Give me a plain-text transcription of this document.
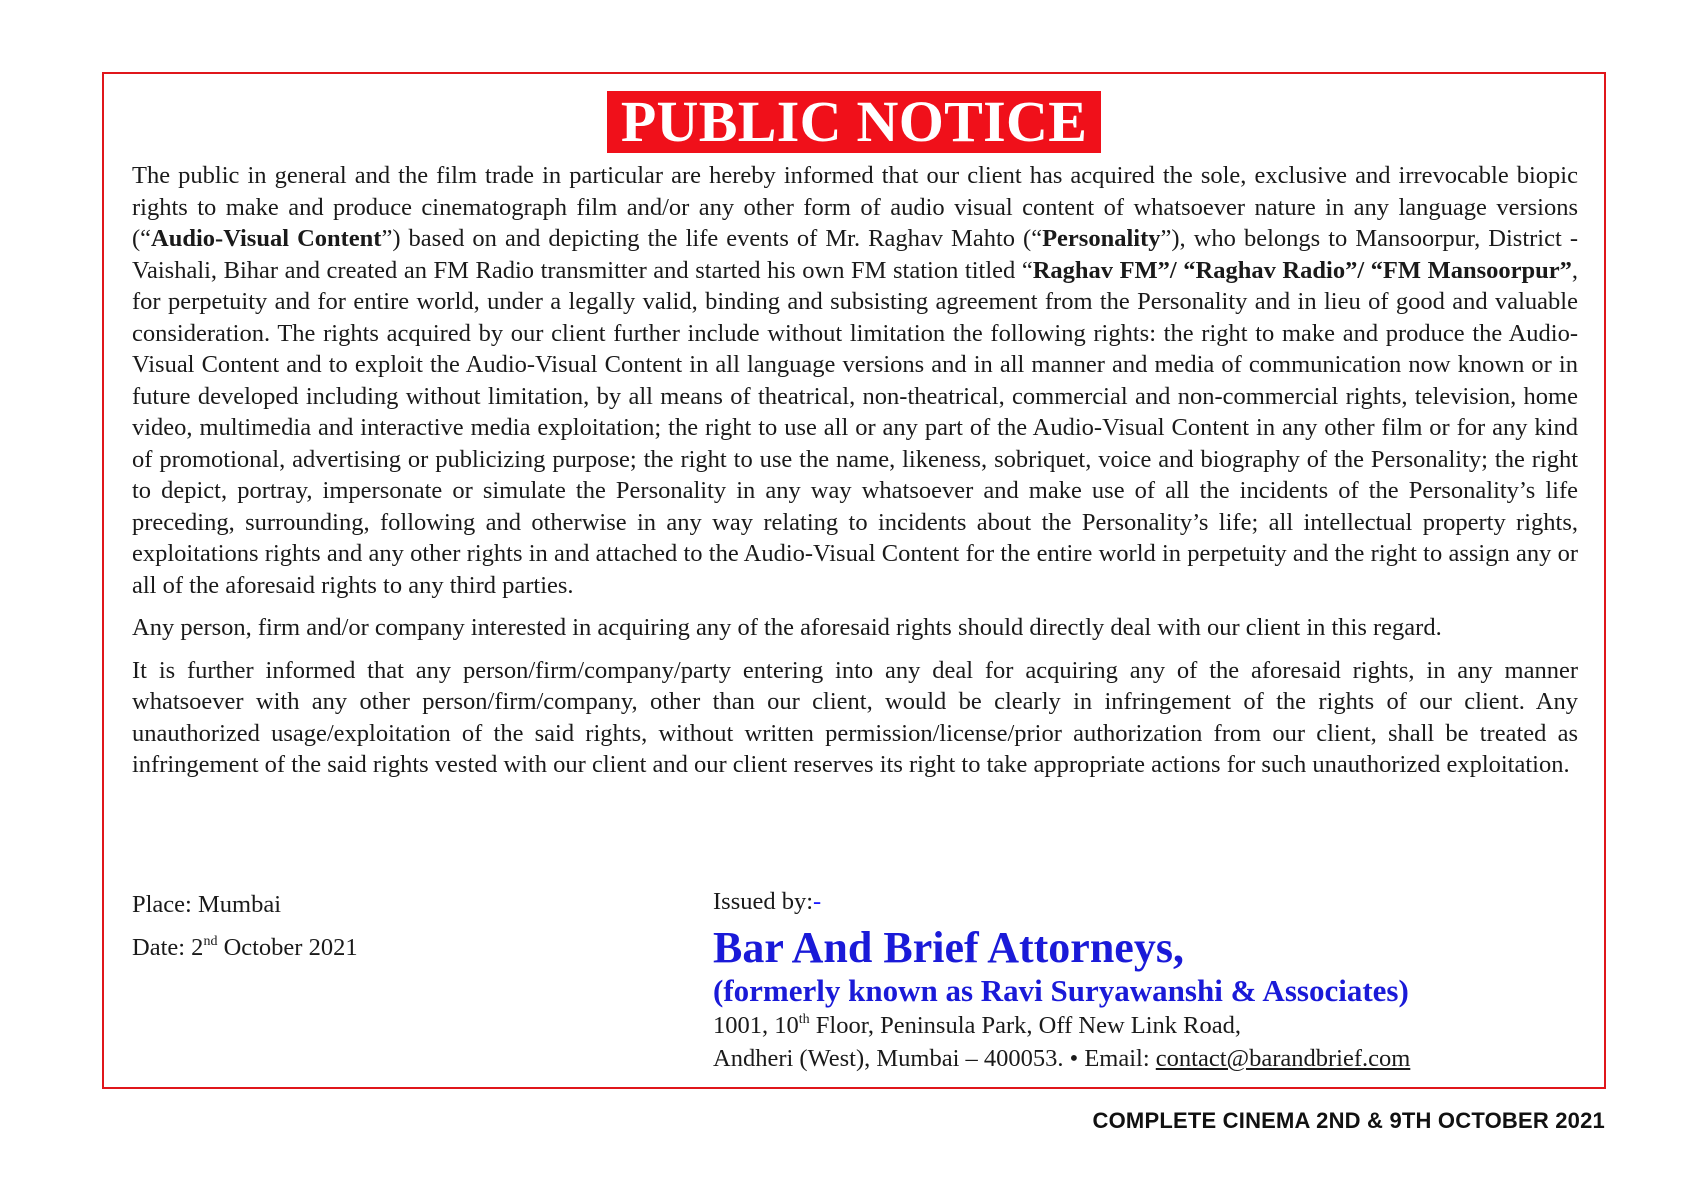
PUBLIC NOTICE

The public in general and the film trade in particular are hereby informed that our client has acquired the sole, exclusive and irrevocable biopic rights to make and produce cinematograph film and/or any other form of audio visual content of whatsoever nature in any language versions (“Audio-Visual Content”) based on and depicting the life events of Mr. Raghav Mahto (“Personality”), who belongs to Mansoorpur, District - Vaishali, Bihar and created an FM Radio transmitter and started his own FM station titled “Raghav FM”/ “Raghav Radio”/ “FM Mansoorpur”, for perpetuity and for entire world, under a legally valid, binding and subsisting agreement from the Personality and in lieu of good and valuable consideration. The rights acquired by our client further include without limitation the following rights: the right to make and produce the Audio-Visual Content and to exploit the Audio-Visual Content in all language versions and in all manner and media of communication now known or in future developed including without limitation, by all means of theatrical, non-theatrical, commercial and non-commercial rights, television, home video, multimedia and interactive media exploitation; the right to use all or any part of the Audio-Visual Content in any other film or for any kind of promotional, advertising or publicizing purpose; the right to use the name, likeness, sobriquet, voice and biography of the Personality; the right to depict, portray, impersonate or simulate the Personality in any way whatsoever and make use of all the incidents of the Personality’s life preceding, surrounding, following and otherwise in any way relating to incidents about the Personality’s life; all intellectual property rights, exploitations rights and any other rights in and attached to the Audio-Visual Content for the entire world in perpetuity and the right to assign any or all of the aforesaid rights to any third parties.

Any person, firm and/or company interested in acquiring any of the aforesaid rights should directly deal with our client in this regard.

It is further informed that any person/firm/company/party entering into any deal for acquiring any of the aforesaid rights, in any manner whatsoever with any other person/firm/company, other than our client, would be clearly in infringement of the rights of our client. Any unauthorized usage/exploitation of the said rights, without written permission/license/prior authorization from our client, shall be treated as infringement of the said rights vested with our client and our client reserves its right to take appropriate actions for such unauthorized exploitation.

Place: Mumbai
Date: 2nd October 2021
Issued by:-
Bar And Brief Attorneys,
(formerly known as Ravi Suryawanshi & Associates)
1001, 10th Floor, Peninsula Park, Off New Link Road,
Andheri (West), Mumbai – 400053. • Email: contact@barandbrief.com
COMPLETE CINEMA 2ND & 9TH OCTOBER 2021
